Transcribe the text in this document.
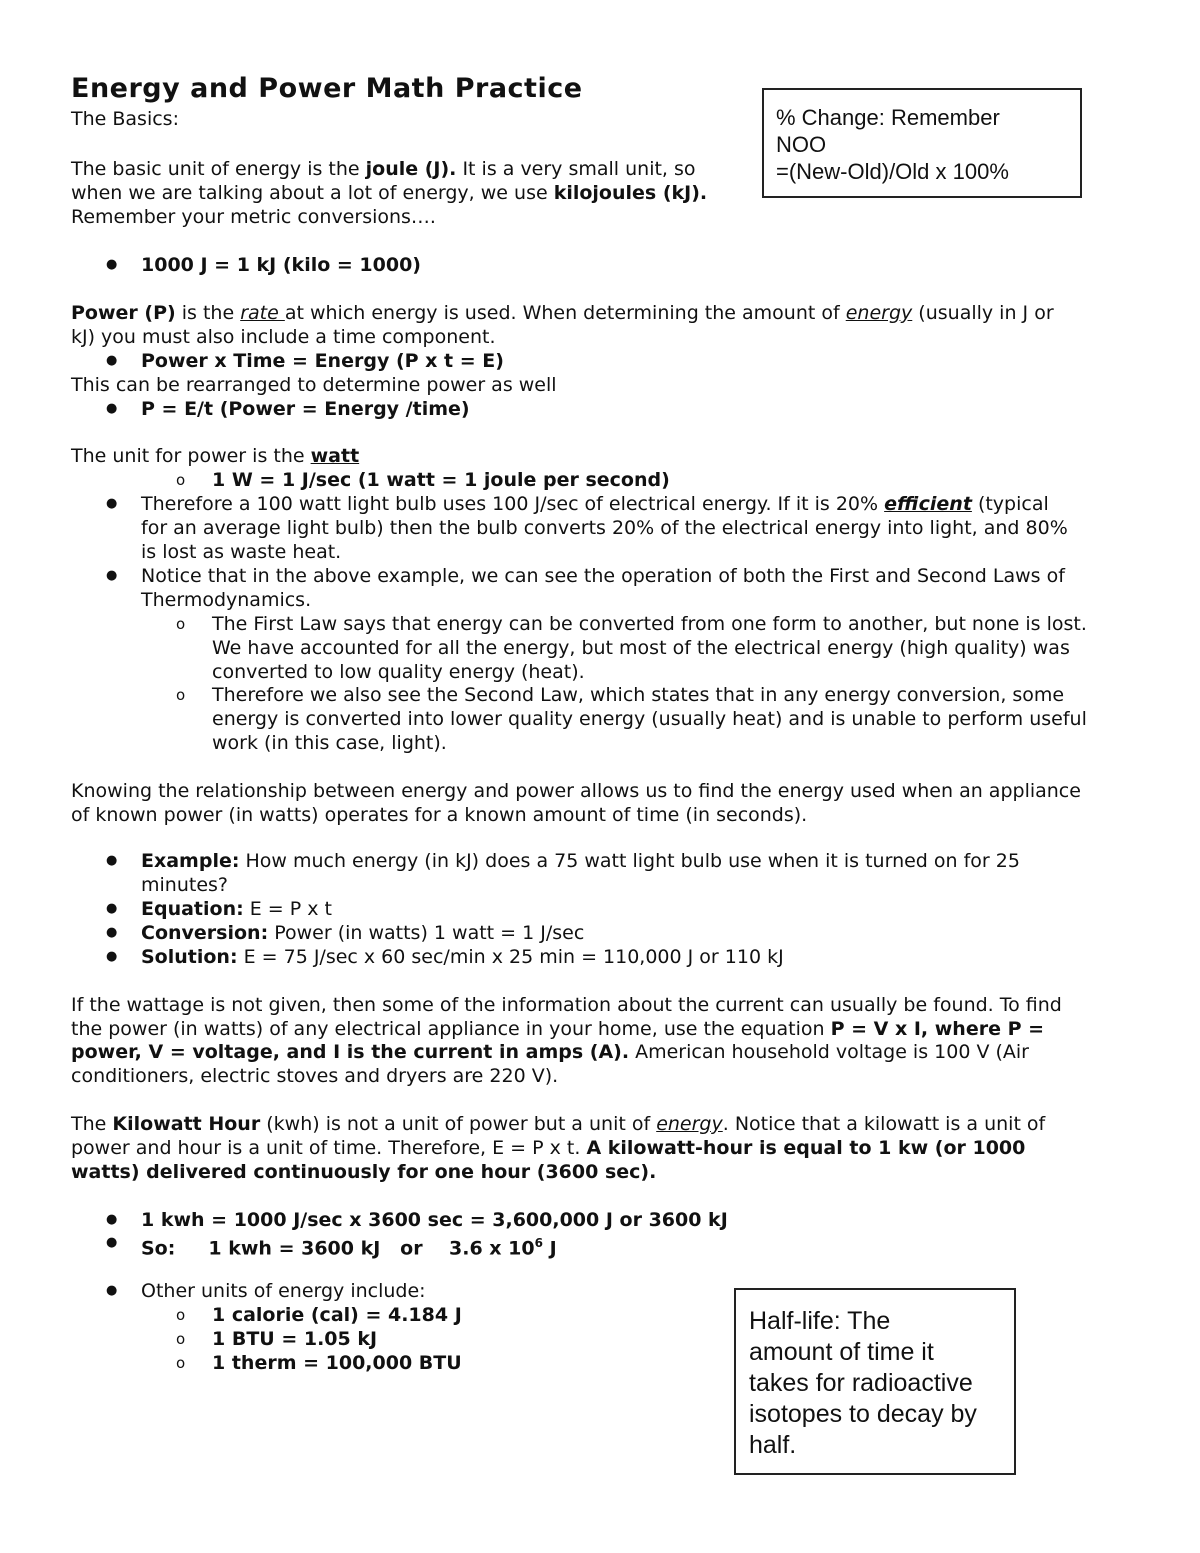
Energy and Power Math Practice
The Basics:
The basic unit of energy is the joule (J). It is a very small unit, so
when we are talking about a lot of energy, we use kilojoules (kJ).
Remember your metric conversions….
● 1000 J = 1 kJ (kilo = 1000)
Power (P) is the rate at which energy is used. When determining the amount of energy (usually in J or
kJ) you must also include a time component.
● Power x Time = Energy (P x t = E)
This can be rearranged to determine power as well
● P = E/t (Power = Energy /time)
The unit for power is the watt
o 1 W = 1 J/sec (1 watt = 1 joule per second)
● Therefore a 100 watt light bulb uses 100 J/sec of electrical energy. If it is 20% efficient (typical
for an average light bulb) then the bulb converts 20% of the electrical energy into light, and 80%
is lost as waste heat.
● Notice that in the above example, we can see the operation of both the First and Second Laws of
Thermodynamics.
o The First Law says that energy can be converted from one form to another, but none is lost.
We have accounted for all the energy, but most of the electrical energy (high quality) was
converted to low quality energy (heat).
o Therefore we also see the Second Law, which states that in any energy conversion, some
energy is converted into lower quality energy (usually heat) and is unable to perform useful
work (in this case, light).
Knowing the relationship between energy and power allows us to find the energy used when an appliance
of known power (in watts) operates for a known amount of time (in seconds).
● Example: How much energy (in kJ) does a 75 watt light bulb use when it is turned on for 25
minutes?
● Equation: E = P x t
● Conversion: Power (in watts) 1 watt = 1 J/sec
● Solution: E = 75 J/sec x 60 sec/min x 25 min = 110,000 J or 110 kJ
If the wattage is not given, then some of the information about the current can usually be found. To find
the power (in watts) of any electrical appliance in your home, use the equation P = V x I, where P =
power, V = voltage, and I is the current in amps (A). American household voltage is 100 V (Air
conditioners, electric stoves and dryers are 220 V).
The Kilowatt Hour (kwh) is not a unit of power but a unit of energy. Notice that a kilowatt is a unit of
power and hour is a unit of time. Therefore, E = P x t. A kilowatt-hour is equal to 1 kw (or 1000
watts) delivered continuously for one hour (3600 sec).
● 1 kwh = 1000 J/sec x 3600 sec = 3,600,000 J or 3600 kJ
● So:     1 kwh = 3600 kJ   or    3.6 x $10^6$ J
● Other units of energy include:
o 1 calorie (cal) = 4.184 J
o 1 BTU = 1.05 kJ
o 1 therm = 100,000 BTU
% Change: Remember
NOO
=(New-Old)/Old x 100%
Half-life: The
amount of time it
takes for radioactive
isotopes to decay by
half.
